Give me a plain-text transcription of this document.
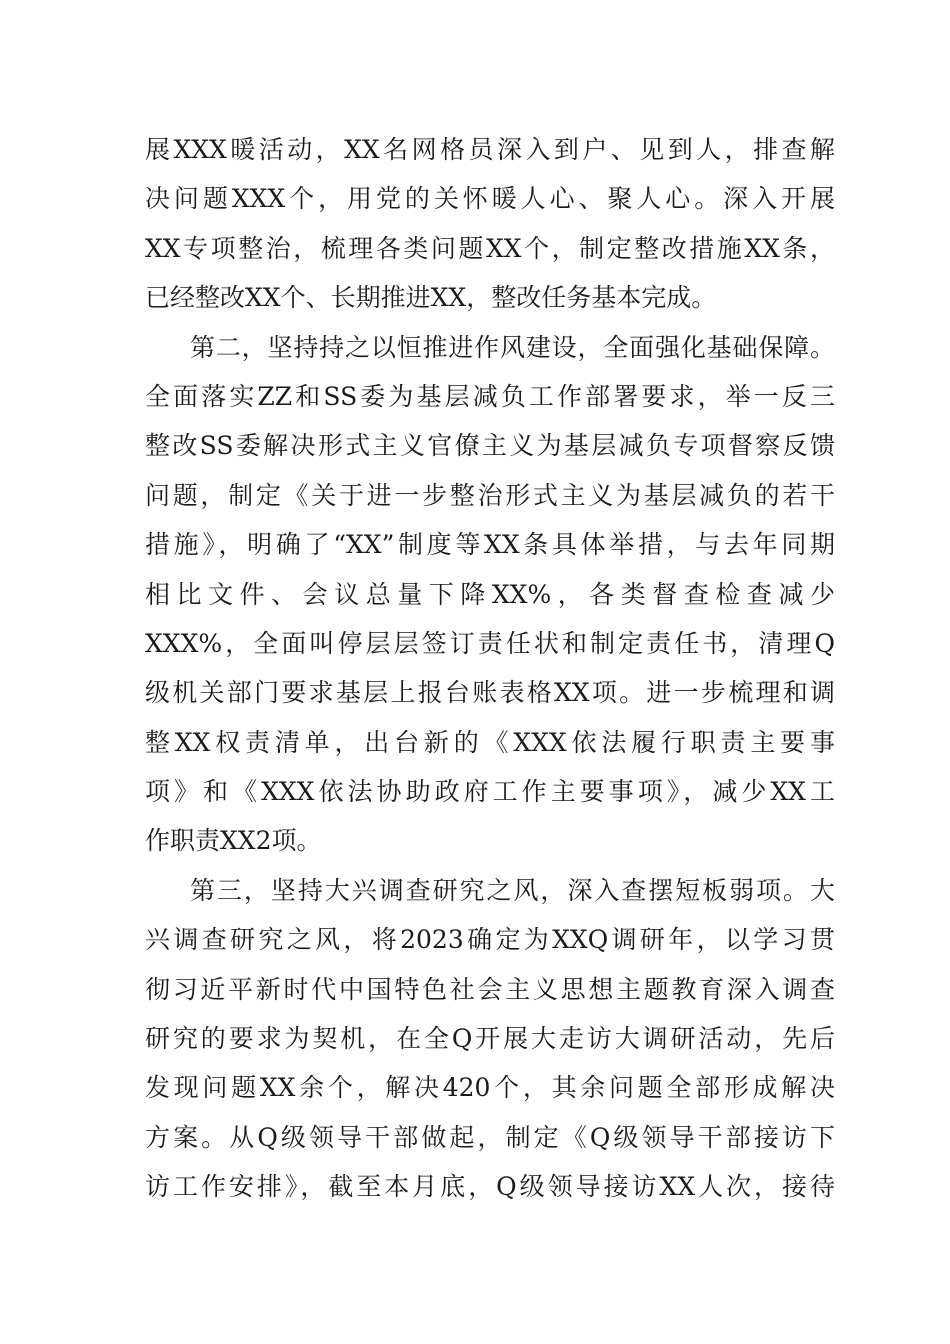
展XXX暖活动，XX名网格员深入到户、见到人，排查解
决问题XXX个，用党的关怀暖人心、聚人心。深入开展
XX专项整治，梳理各类问题XX个，制定整改措施XX条，
已经整改XX个、长期推进XX，整改任务基本完成。
第二，坚持持之以恒推进作风建设，全面强化基础保障。
全面落实ZZ和SS委为基层减负工作部署要求，举一反三
整改SS委解决形式主义官僚主义为基层减负专项督察反馈
问题，制定《关于进一步整治形式主义为基层减负的若干
措施》，明确了“XX”制度等XX条具体举措，与去年同期
相比文件、会议总量下降XX%，各类督查检查减少
XXX%，全面叫停层层签订责任状和制定责任书，清理Q
级机关部门要求基层上报台账表格XX项。进一步梳理和调
整XX权责清单，出台新的《XXX依法履行职责主要事
项》和《XXX依法协助政府工作主要事项》，减少XX工
作职责XX2项。
第三，坚持大兴调查研究之风，深入查摆短板弱项。大
兴调查研究之风，将2023确定为XXQ调研年，以学习贯
彻习近平新时代中国特色社会主义思想主题教育深入调查
研究的要求为契机，在全Q开展大走访大调研活动，先后
发现问题XX余个，解决420个，其余问题全部形成解决
方案。从Q级领导干部做起，制定《Q级领导干部接访下
访工作安排》，截至本月底，Q级领导接访XX人次，接待
